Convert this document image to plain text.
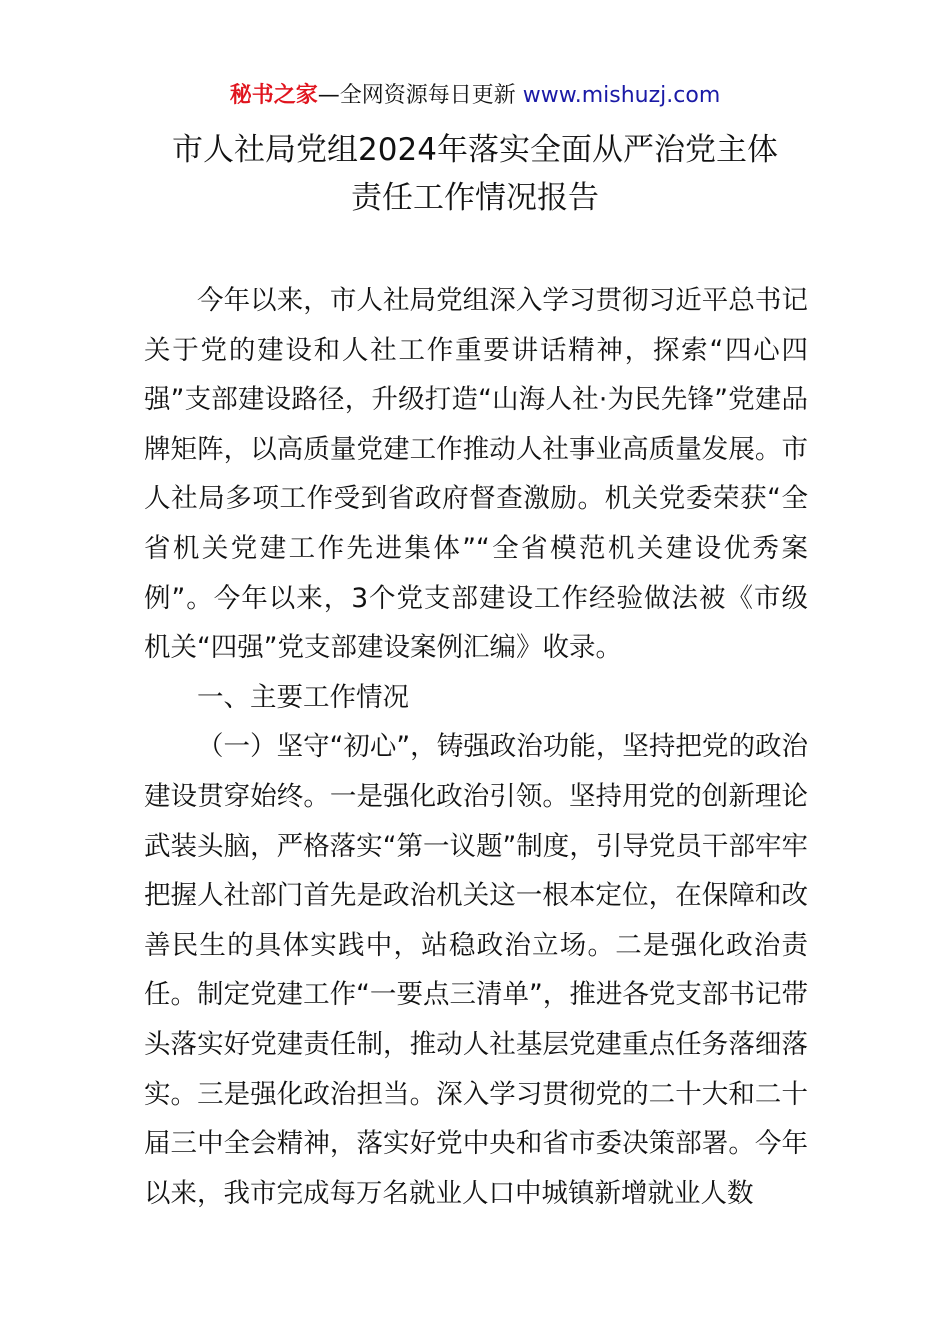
秘书之家—全网资源每日更新 www.mishuzj.com
市人社局党组2024年落实全面从严治党主体
责任工作情况报告

今年以来，市人社局党组深入学习贯彻习近平总书记关于党的建设和人社工作重要讲话精神，探索“四心四强”支部建设路径，升级打造“山海人社·为民先锋”党建品牌矩阵，以高质量党建工作推动人社事业高质量发展。市人社局多项工作受到省政府督查激励。机关党委荣获“全省机关党建工作先进集体”“全省模范机关建设优秀案例”。今年以来，3个党支部建设工作经验做法被《市级机关“四强”党支部建设案例汇编》收录。

一、主要工作情况

（一）坚守“初心”，铸强政治功能，坚持把党的政治建设贯穿始终。一是强化政治引领。坚持用党的创新理论武装头脑，严格落实“第一议题”制度，引导党员干部牢牢把握人社部门首先是政治机关这一根本定位，在保障和改善民生的具体实践中，站稳政治立场。二是强化政治责任。制定党建工作“一要点三清单”，推进各党支部书记带头落实好党建责任制，推动人社基层党建重点任务落细落实。三是强化政治担当。深入学习贯彻党的二十大和二十届三中全会精神，落实好党中央和省市委决策部署。今年以来，我市完成每万名就业人口中城镇新增就业人数
